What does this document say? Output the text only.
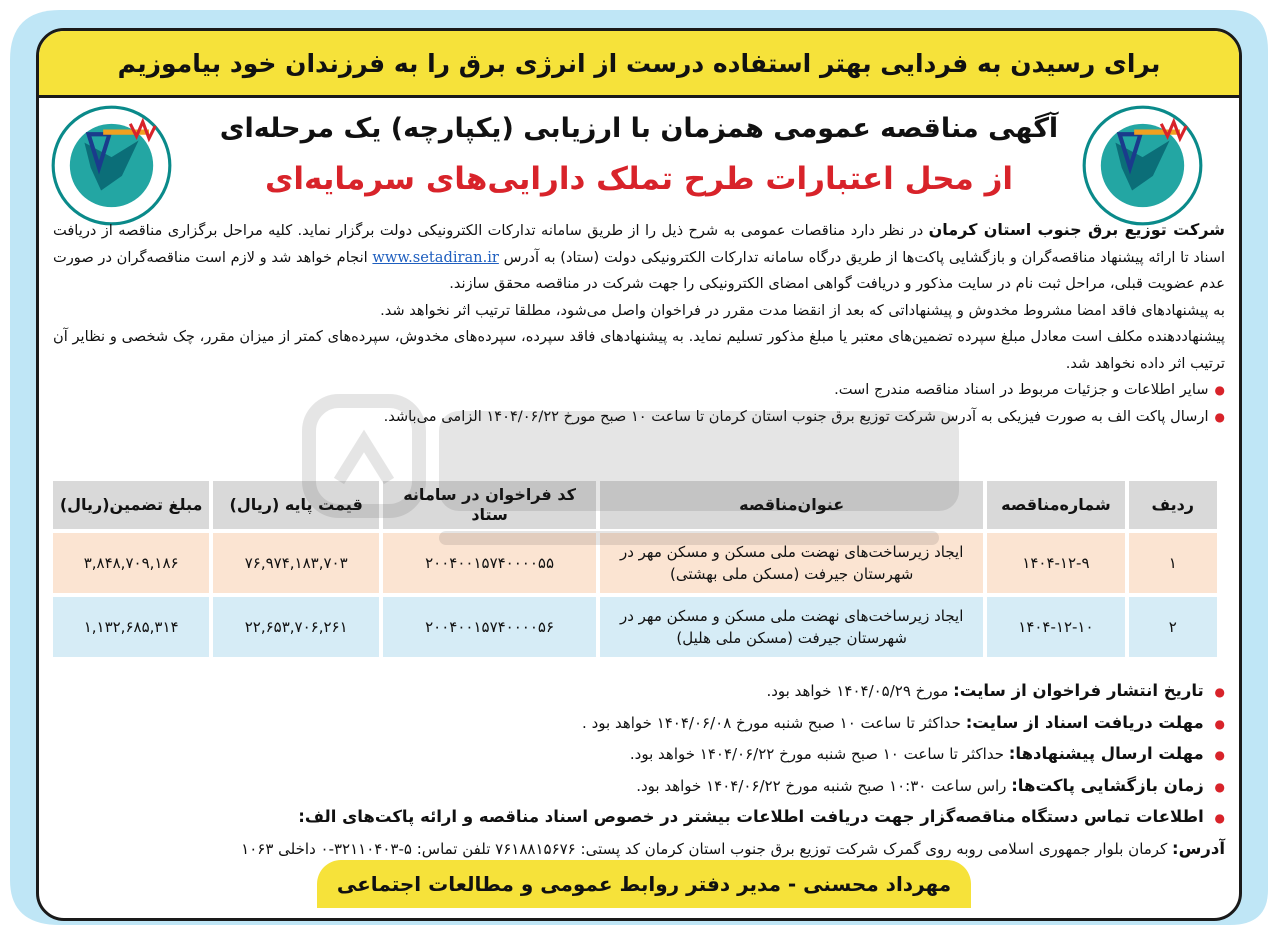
برای رسیدن به فردایی بهتر استفاده درست از انرژی برق را به فرزندان خود بیاموزیم
آگهی مناقصه عمومی همزمان با ارزیابی (یکپارچه) یک مرحله‌ای
از محل اعتبارات طرح تملک دارایی‌های سرمایه‌ای

شرکت توزیع برق جنوب استان کرمان در نظر دارد مناقصات عمومی به شرح ذیل را از طریق سامانه تدارکات الکترونیکی دولت برگزار نماید. کلیه مراحل برگزاری مناقصه از دریافت اسناد تا ارائه پیشنهاد مناقصه‌گران و بازگشایی پاکت‌ها از طریق درگاه سامانه تدارکات الکترونیکی دولت (ستاد) به آدرس www.setadiran.ir انجام خواهد شد و لازم است مناقصه‌گران در صورت عدم عضویت قبلی، مراحل ثبت نام در سایت مذکور و دریافت گواهی امضای الکترونیکی را جهت شرکت در مناقصه محقق سازند.

به پیشنهادهای فاقد امضا مشروط مخدوش و پیشنهاداتی که بعد از انقضا مدت مقرر در فراخوان واصل می‌شود، مطلقا ترتیب اثر نخواهد شد.

پیشنهاددهنده مکلف است معادل مبلغ سپرده تضمین‌های معتبر یا مبلغ مذکور تسلیم نماید. به پیشنهادهای فاقد سپرده، سپرده‌های مخدوش، سپرده‌های کمتر از میزان مقرر، چک شخصی و نظایر آن ترتیب اثر داده نخواهد شد.

● سایر اطلاعات و جزئیات مربوط در اسناد مناقصه مندرج است.

● ارسال پاکت الف به صورت فیزیکی به آدرس شرکت توزیع برق جنوب استان کرمان تا ساعت ۱۰ صبح مورخ ۱۴۰۴/۰۶/۲۲ الزامی می‌باشد.

ردیف	شماره‌مناقصه	عنوان‌مناقصه	کد فراخوان در سامانه ستاد	قیمت پایه (ریال)	مبلغ تضمین(ریال)
۱	۱۴۰۴-۱۲-۹	ایجاد زیرساخت‌های نهضت ملی مسکن و مسکن مهر در شهرستان جیرفت (مسکن ملی بهشتی)	۲۰۰۴۰۰۱۵۷۴۰۰۰۰۵۵	۷۶,۹۷۴,۱۸۳,۷۰۳	۳,۸۴۸,۷۰۹,۱۸۶
۲	۱۴۰۴-۱۲-۱۰	ایجاد زیرساخت‌های نهضت ملی مسکن و مسکن مهر در شهرستان جیرفت (مسکن ملی هلیل)	۲۰۰۴۰۰۱۵۷۴۰۰۰۰۵۶	۲۲,۶۵۳,۷۰۶,۲۶۱	۱,۱۳۲,۶۸۵,۳۱۴

● تاریخ انتشار فراخوان از سایت: مورخ ۱۴۰۴/۰۵/۲۹ خواهد بود.

● مهلت دریافت اسناد از سایت: حداکثر تا ساعت ۱۰ صبح شنبه مورخ ۱۴۰۴/۰۶/۰۸ خواهد بود .

● مهلت ارسال پیشنهادها: حداکثر تا ساعت ۱۰ صبح شنبه مورخ ۱۴۰۴/۰۶/۲۲ خواهد بود.

● زمان بازگشایی پاکت‌ها: راس ساعت ۱۰:۳۰ صبح شنبه مورخ ۱۴۰۴/۰۶/۲۲ خواهد بود.

● اطلاعات تماس دستگاه مناقصه‌گزار جهت دریافت اطلاعات بیشتر در خصوص اسناد مناقصه و ارائه پاکت‌های الف:

آدرس: کرمان بلوار جمهوری اسلامی روبه روی گمرک شرکت توزیع برق جنوب استان کرمان کد پستی: ۷۶۱۸۸۱۵۶۷۶ تلفن تماس: ۵-۳۲۱۱۰۴۰۳-۰ داخلی ۱۰۶۳

مهرداد محسنی - مدیر دفتر روابط عمومی و مطالعات اجتماعی
